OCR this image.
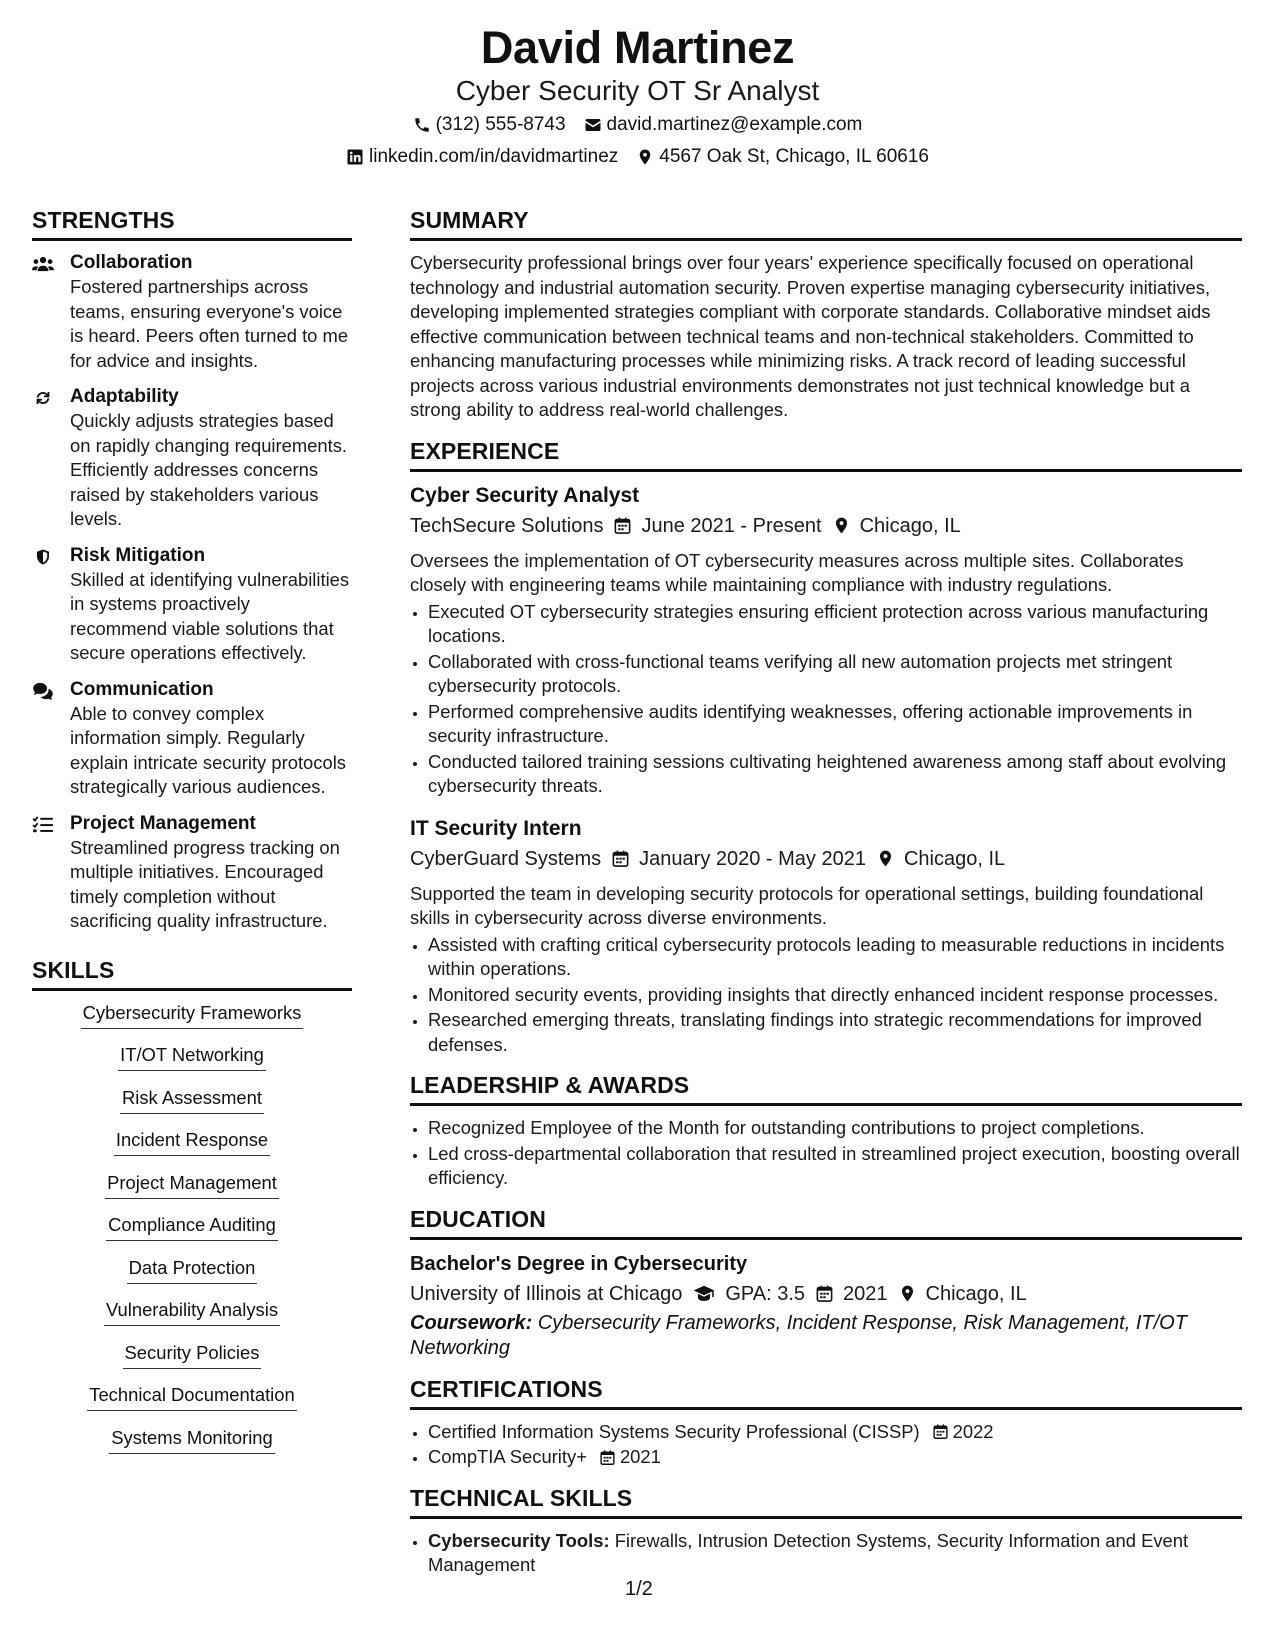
David Martinez
Cyber Security OT Sr Analyst
(312) 555-8743 david.martinez@example.com
linkedin.com/in/davidmartinez 4567 Oak St, Chicago, IL 60616
STRENGTHS
Collaboration
Fostered partnerships across teams, ensuring everyone's voice is heard. Peers often turned to me for advice and insights.
Adaptability
Quickly adjusts strategies based on rapidly changing requirements. Efficiently addresses concerns raised by stakeholders various levels.
Risk Mitigation
Skilled at identifying vulnerabilities in systems proactively recommend viable solutions that secure operations effectively.
Communication
Able to convey complex information simply. Regularly explain intricate security protocols strategically various audiences.
Project Management
Streamlined progress tracking on multiple initiatives. Encouraged timely completion without sacrificing quality infrastructure.
SKILLS
Cybersecurity Frameworks
IT/OT Networking
Risk Assessment
Incident Response
Project Management
Compliance Auditing
Data Protection
Vulnerability Analysis
Security Policies
Technical Documentation
Systems Monitoring
SUMMARY

Cybersecurity professional brings over four years' experience specifically focused on operational technology and industrial automation security. Proven expertise managing cybersecurity initiatives, developing implemented strategies compliant with corporate standards. Collaborative mindset aids effective communication between technical teams and non-technical stakeholders. Committed to enhancing manufacturing processes while minimizing risks. A track record of leading successful projects across various industrial environments demonstrates not just technical knowledge but a strong ability to address real-world challenges.

EXPERIENCE
Cyber Security Analyst
TechSecure Solutions June 2021 - Present Chicago, IL

Oversees the implementation of OT cybersecurity measures across multiple sites. Collaborates closely with engineering teams while maintaining compliance with industry regulations.

• Executed OT cybersecurity strategies ensuring efficient protection across various manufacturing locations.
• Collaborated with cross-functional teams verifying all new automation projects met stringent cybersecurity protocols.
• Performed comprehensive audits identifying weaknesses, offering actionable improvements in security infrastructure.
• Conducted tailored training sessions cultivating heightened awareness among staff about evolving cybersecurity threats.
IT Security Intern
CyberGuard Systems January 2020 - May 2021 Chicago, IL

Supported the team in developing security protocols for operational settings, building foundational skills in cybersecurity across diverse environments.

• Assisted with crafting critical cybersecurity protocols leading to measurable reductions in incidents within operations.
• Monitored security events, providing insights that directly enhanced incident response processes.
• Researched emerging threats, translating findings into strategic recommendations for improved defenses.
LEADERSHIP & AWARDS
• Recognized Employee of the Month for outstanding contributions to project completions.
• Led cross-departmental collaboration that resulted in streamlined project execution, boosting overall efficiency.
EDUCATION
Bachelor's Degree in Cybersecurity
University of Illinois at Chicago GPA: 3.5 2021 Chicago, IL
Coursework: Cybersecurity Frameworks, Incident Response, Risk Management, IT/OT Networking
CERTIFICATIONS
• Certified Information Systems Security Professional (CISSP) 2022
• CompTIA Security+ 2021
TECHNICAL SKILLS
• Cybersecurity Tools: Firewalls, Intrusion Detection Systems, Security Information and Event Management
1/2
